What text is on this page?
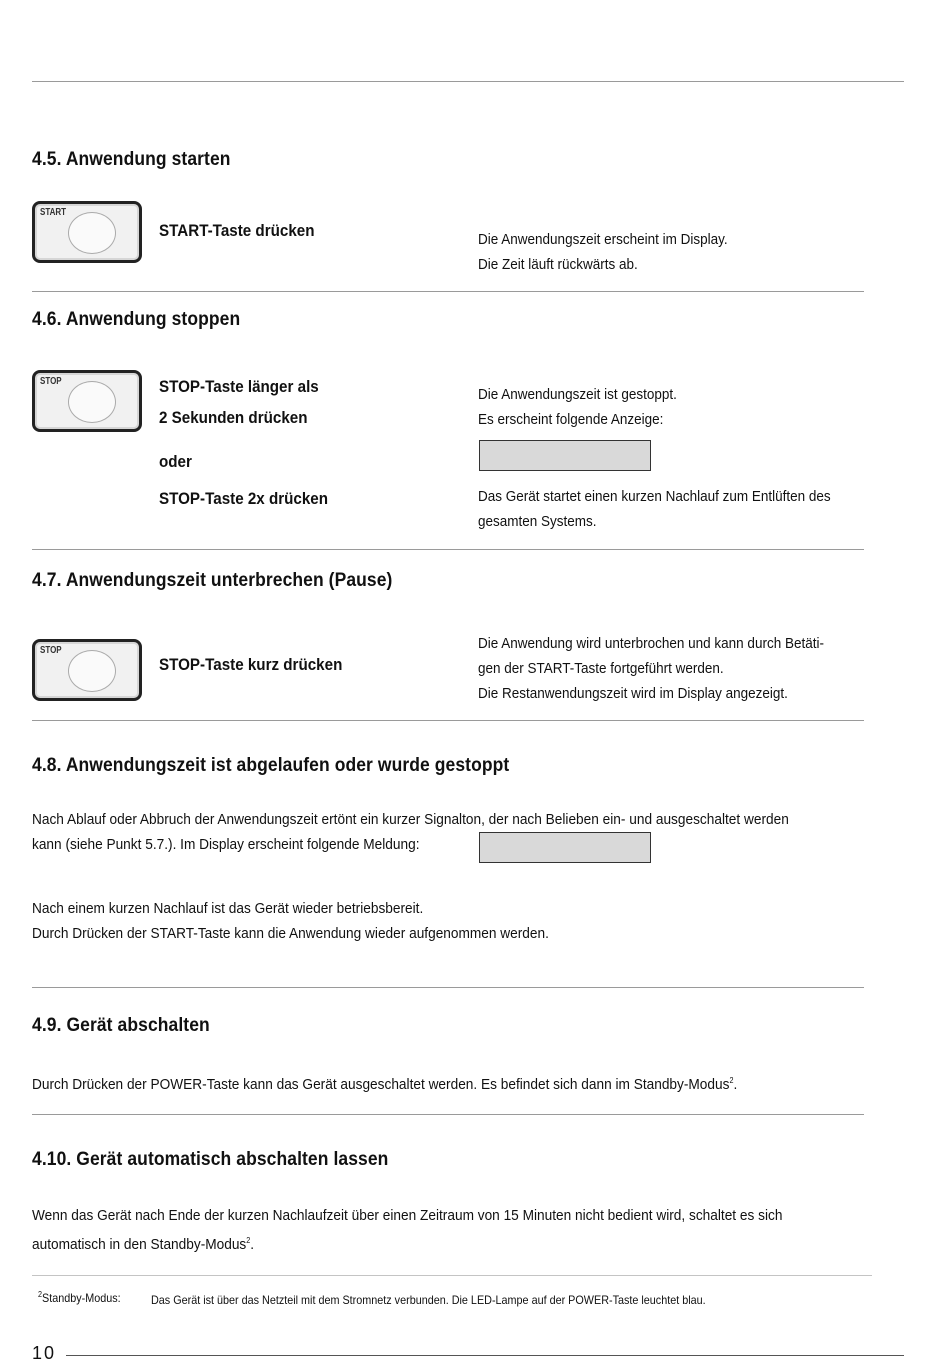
4.5. Anwendung starten
START
START-Taste drücken	Die Anwendungszeit erscheint im Display.
Die Zeit läuft rückwärts ab.
4.6. Anwendung stoppen
STOP	STOP-Taste länger als
2 Sekunden drücken
oder
STOP-Taste 2x drücken
Die Anwendungszeit ist gestoppt.
Es erscheint folgende Anzeige:
Das Gerät startet einen kurzen Nachlauf zum Entlüften des
gesamten Systems.
4.7. Anwendungszeit unterbrechen (Pause)
STOP
STOP-Taste kurz drücken
Die Anwendung wird unterbrochen und kann durch Betäti-
gen der START-Taste fortgeführt werden.
Die Restanwendungszeit wird im Display angezeigt.
4.8. Anwendungszeit ist abgelaufen oder wurde gestoppt
Nach Ablauf oder Abbruch der Anwendungszeit ertönt ein kurzer Signalton, der nach Belieben ein- und ausgeschaltet werden
kann (siehe Punkt 5.7.). Im Display erscheint folgende Meldung:
Nach einem kurzen Nachlauf ist das Gerät wieder betriebsbereit.
Durch Drücken der START-Taste kann die Anwendung wieder aufgenommen werden.
4.9. Gerät abschalten
Durch Drücken der POWER-Taste kann das Gerät ausgeschaltet werden. Es befindet sich dann im Standby-Modus$^2$.
4.10. Gerät automatisch abschalten lassen
Wenn das Gerät nach Ende der kurzen Nachlaufzeit über einen Zeitraum von 15 Minuten nicht bedient wird, schaltet es sich
automatisch in den Standby-Modus$^2$.
$^2$Standby-Modus:	Das Gerät ist über das Netzteil mit dem Stromnetz verbunden. Die LED-Lampe auf der POWER-Taste leuchtet blau.
10
